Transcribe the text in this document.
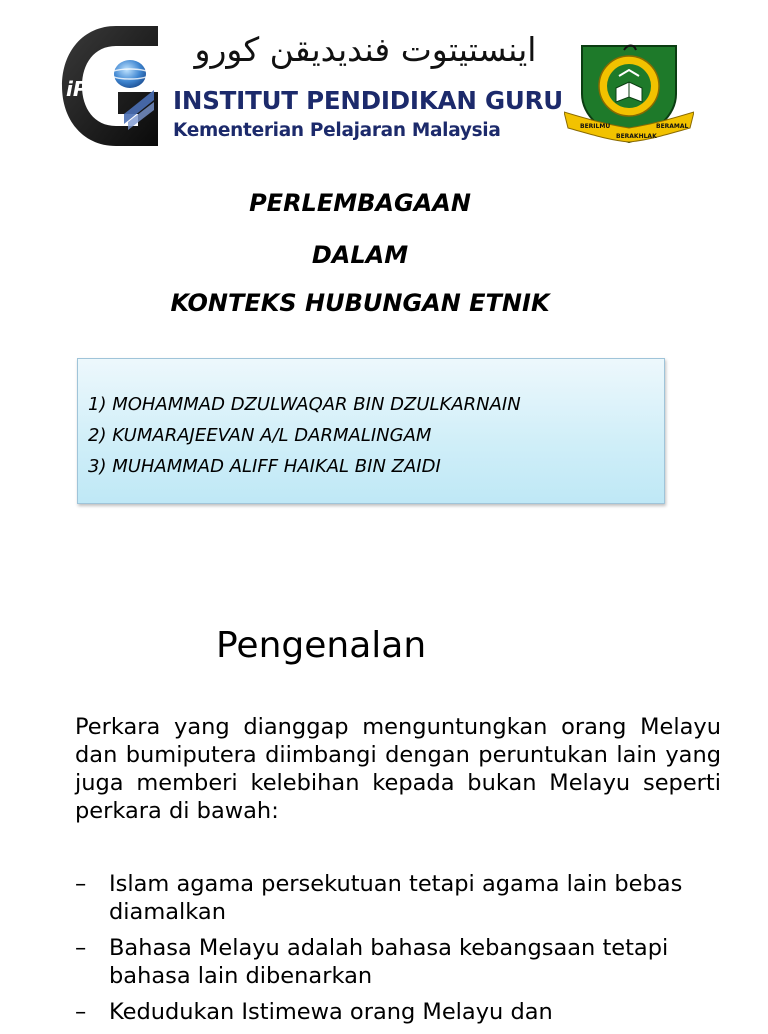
iPG
اينستيتوت فنديديقن كورو
INSTITUT PENDIDIKAN GURU
Kementerian Pelajaran Malaysia	BERILMU
BERAKHLAK
BERAMAL
PERLEMBAGAAN
DALAM
KONTEKS HUBUNGAN ETNIK
1) MOHAMMAD DZULWAQAR BIN DZULKARNAIN
2) KUMARAJEEVAN A/L DARMALINGAM
3) MUHAMMAD ALIFF HAIKAL BIN ZAIDI
Pengenalan

Perkara yang dianggap menguntungkan orang Melayu dan bumiputera diimbangi dengan peruntukan lain yang juga memberi kelebihan kepada bukan Melayu seperti perkara di bawah:

– Islam agama persekutuan tetapi agama lain bebas diamalkan
– Bahasa Melayu adalah bahasa kebangsaan tetapi bahasa lain dibenarkan
– Kedudukan Istimewa orang Melayu dan
